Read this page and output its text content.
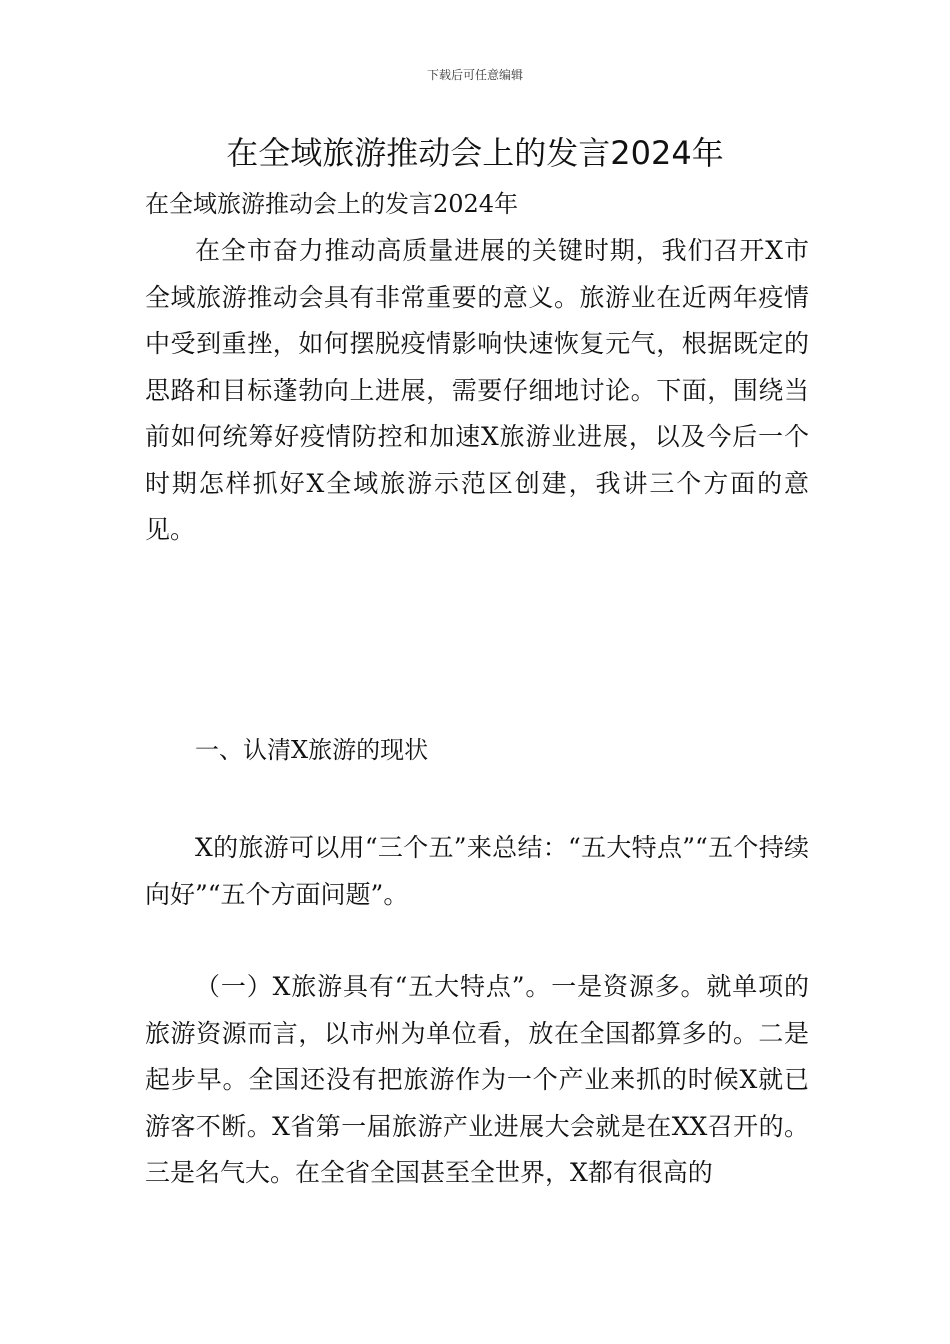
下载后可任意编辑
在全域旅游推动会上的发言2024年

在全域旅游推动会上的发言2024年

在全市奋力推动高质量进展的关键时期，我们召开X市全域旅游推动会具有非常重要的意义。旅游业在近两年疫情中受到重挫，如何摆脱疫情影响快速恢复元气，根据既定的思路和目标蓬勃向上进展，需要仔细地讨论。下面，围绕当前如何统筹好疫情防控和加速X旅游业进展，以及今后一个时期怎样抓好X全域旅游示范区创建，我讲三个方面的意见。

一、认清X旅游的现状

X的旅游可以用“三个五”来总结：“五大特点”“五个持续向好”“五个方面问题”。

（一）X旅游具有“五大特点”。一是资源多。就单项的旅游资源而言，以市州为单位看，放在全国都算多的。二是起步早。全国还没有把旅游作为一个产业来抓的时候X就已游客不断。X省第一届旅游产业进展大会就是在XX召开的。三是名气大。在全省全国甚至全世界，X都有很高的
